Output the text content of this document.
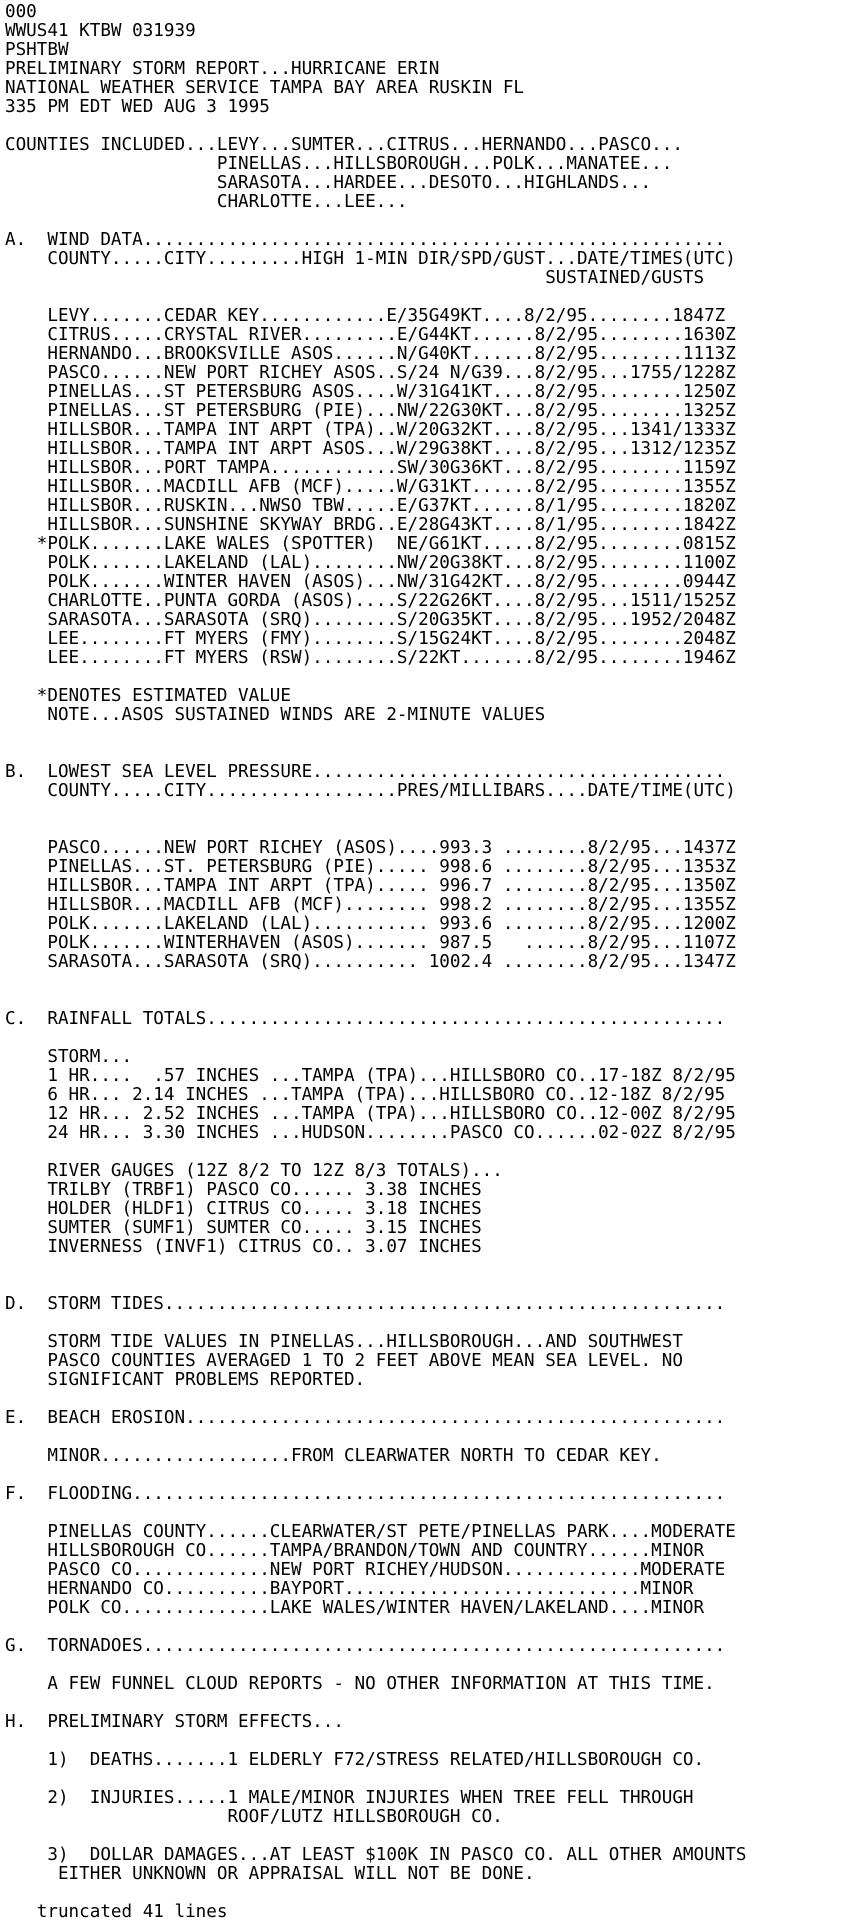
000
WWUS41 KTBW 031939
PSHTBW
PRELIMINARY STORM REPORT...HURRICANE ERIN
NATIONAL WEATHER SERVICE TAMPA BAY AREA RUSKIN FL
335 PM EDT WED AUG 3 1995
COUNTIES INCLUDED...LEVY...SUMTER...CITRUS...HERNANDO...PASCO...
PINELLAS...HILLSBOROUGH...POLK...MANATEE...
SARASOTA...HARDEE...DESOTO...HIGHLANDS...
CHARLOTTE...LEE...
A.  WIND DATA.......................................................
COUNTY.....CITY.........HIGH 1-MIN DIR/SPD/GUST...DATE/TIMES(UTC)
SUSTAINED/GUSTS
LEVY.......CEDAR KEY............E/35G49KT....8/2/95........1847Z
CITRUS.....CRYSTAL RIVER.........E/G44KT......8/2/95........1630Z
HERNANDO...BROOKSVILLE ASOS......N/G40KT......8/2/95........1113Z
PASCO......NEW PORT RICHEY ASOS..S/24 N/G39...8/2/95...1755/1228Z
PINELLAS...ST PETERSBURG ASOS....W/31G41KT....8/2/95........1250Z
PINELLAS...ST PETERSBURG (PIE)...NW/22G30KT...8/2/95........1325Z
HILLSBOR...TAMPA INT ARPT (TPA)..W/20G32KT....8/2/95...1341/1333Z
HILLSBOR...TAMPA INT ARPT ASOS...W/29G38KT....8/2/95...1312/1235Z
HILLSBOR...PORT TAMPA............SW/30G36KT...8/2/95........1159Z
HILLSBOR...MACDILL AFB (MCF).....W/G31KT......8/2/95........1355Z
HILLSBOR...RUSKIN...NWSO TBW.....E/G37KT......8/1/95........1820Z
HILLSBOR...SUNSHINE SKYWAY BRDG..E/28G43KT....8/1/95........1842Z
*POLK.......LAKE WALES (SPOTTER)  NE/G61KT.....8/2/95........0815Z
POLK.......LAKELAND (LAL)........NW/20G38KT...8/2/95........1100Z
POLK.......WINTER HAVEN (ASOS)...NW/31G42KT...8/2/95........0944Z
CHARLOTTE..PUNTA GORDA (ASOS)....S/22G26KT....8/2/95...1511/1525Z
SARASOTA...SARASOTA (SRQ)........S/20G35KT....8/2/95...1952/2048Z
LEE........FT MYERS (FMY)........S/15G24KT....8/2/95........2048Z
LEE........FT MYERS (RSW)........S/22KT.......8/2/95........1946Z
*DENOTES ESTIMATED VALUE
NOTE...ASOS SUSTAINED WINDS ARE 2-MINUTE VALUES
B.  LOWEST SEA LEVEL PRESSURE.......................................
COUNTY.....CITY..................PRES/MILLIBARS....DATE/TIME(UTC)
PASCO......NEW PORT RICHEY (ASOS)....993.3 ........8/2/95...1437Z
PINELLAS...ST. PETERSBURG (PIE)..... 998.6 ........8/2/95...1353Z
HILLSBOR...TAMPA INT ARPT (TPA)..... 996.7 ........8/2/95...1350Z
HILLSBOR...MACDILL AFB (MCF)........ 998.2 ........8/2/95...1355Z
POLK.......LAKELAND (LAL)........... 993.6 ........8/2/95...1200Z
POLK.......WINTERHAVEN (ASOS)....... 987.5   ......8/2/95...1107Z
SARASOTA...SARASOTA (SRQ).......... 1002.4 ........8/2/95...1347Z
C.  RAINFALL TOTALS.................................................
STORM...
1 HR....  .57 INCHES ...TAMPA (TPA)...HILLSBORO CO..17-18Z 8/2/95
6 HR... 2.14 INCHES ...TAMPA (TPA)...HILLSBORO CO..12-18Z 8/2/95
12 HR... 2.52 INCHES ...TAMPA (TPA)...HILLSBORO CO..12-00Z 8/2/95
24 HR... 3.30 INCHES ...HUDSON........PASCO CO......02-02Z 8/2/95
RIVER GAUGES (12Z 8/2 TO 12Z 8/3 TOTALS)...
TRILBY (TRBF1) PASCO CO...... 3.38 INCHES
HOLDER (HLDF1) CITRUS CO..... 3.18 INCHES
SUMTER (SUMF1) SUMTER CO..... 3.15 INCHES
INVERNESS (INVF1) CITRUS CO.. 3.07 INCHES
D.  STORM TIDES.....................................................
STORM TIDE VALUES IN PINELLAS...HILLSBOROUGH...AND SOUTHWEST
PASCO COUNTIES AVERAGED 1 TO 2 FEET ABOVE MEAN SEA LEVEL. NO
SIGNIFICANT PROBLEMS REPORTED.
E.  BEACH EROSION...................................................
MINOR..................FROM CLEARWATER NORTH TO CEDAR KEY.
F.  FLOODING........................................................
PINELLAS COUNTY......CLEARWATER/ST PETE/PINELLAS PARK....MODERATE
HILLSBOROUGH CO......TAMPA/BRANDON/TOWN AND COUNTRY......MINOR
PASCO CO.............NEW PORT RICHEY/HUDSON.............MODERATE
HERNANDO CO..........BAYPORT............................MINOR
POLK CO..............LAKE WALES/WINTER HAVEN/LAKELAND....MINOR
G.  TORNADOES.......................................................
A FEW FUNNEL CLOUD REPORTS - NO OTHER INFORMATION AT THIS TIME.
H.  PRELIMINARY STORM EFFECTS...
1)  DEATHS.......1 ELDERLY F72/STRESS RELATED/HILLSBOROUGH CO.
2)  INJURIES.....1 MALE/MINOR INJURIES WHEN TREE FELL THROUGH
ROOF/LUTZ HILLSBOROUGH CO.
3)  DOLLAR DAMAGES...AT LEAST $100K IN PASCO CO. ALL OTHER AMOUNTS
EITHER UNKNOWN OR APPRAISAL WILL NOT BE DONE.
truncated 41 lines
